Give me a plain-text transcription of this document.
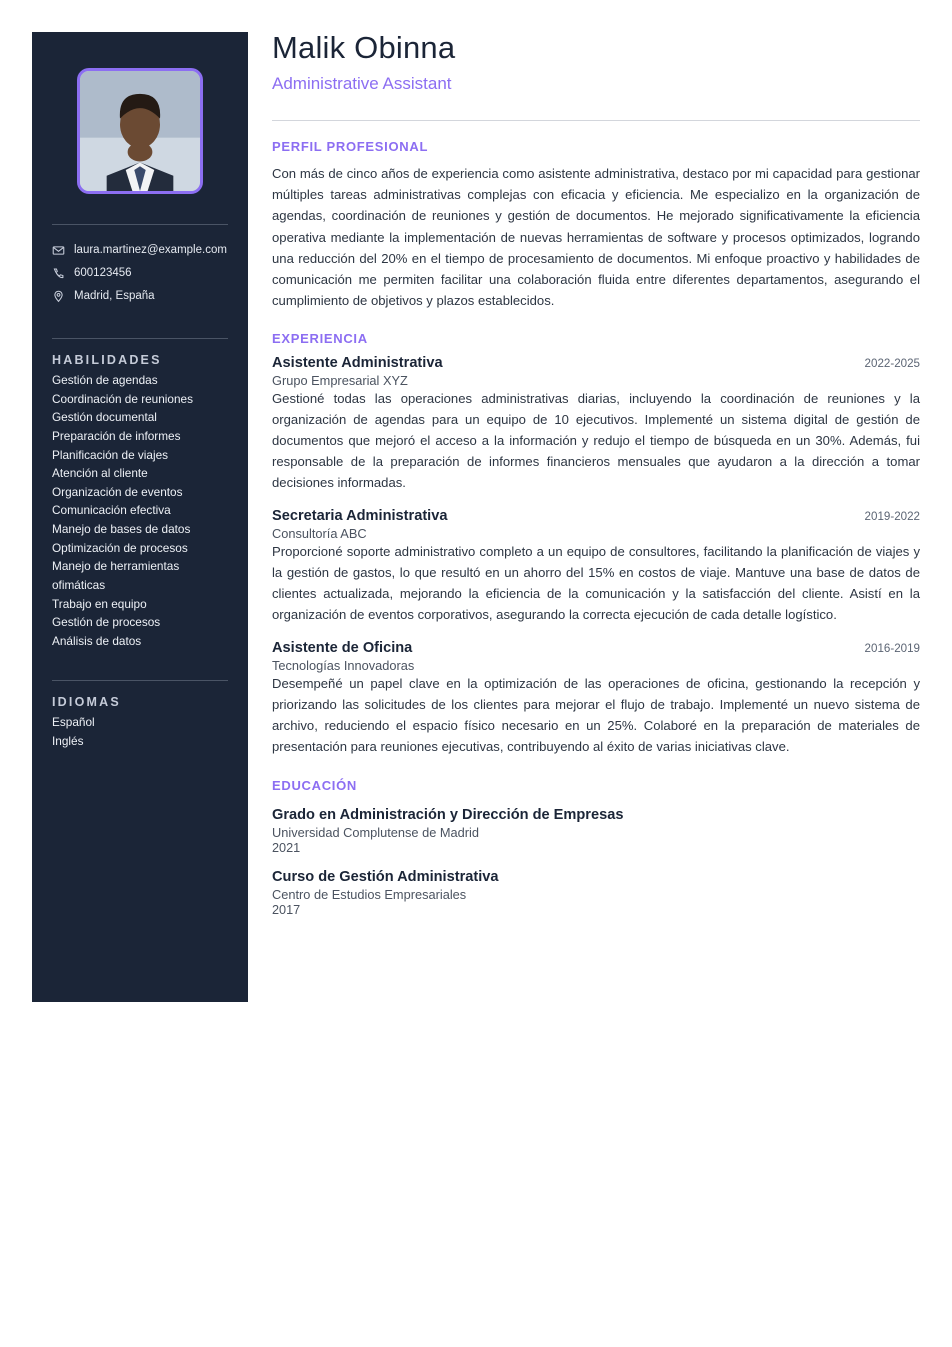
laura.martinez@example.com
600123456
Madrid, España
HABILIDADES
Gestión de agendas
Coordinación de reuniones
Gestión documental
Preparación de informes
Planificación de viajes
Atención al cliente
Organización de eventos
Comunicación efectiva
Manejo de bases de datos
Optimización de procesos
Manejo de herramientas ofimáticas
Trabajo en equipo
Gestión de procesos
Análisis de datos
IDIOMAS
Español
Inglés
Malik Obinna

Administrative Assistant

PERFIL PROFESIONAL

Con más de cinco años de experiencia como asistente administrativa, destaco por mi capacidad para gestionar múltiples tareas administrativas complejas con eficacia y eficiencia. Me especializo en la organización de agendas, coordinación de reuniones y gestión de documentos. He mejorado significativamente la eficiencia operativa mediante la implementación de nuevas herramientas de software y procesos optimizados, logrando una reducción del 20% en el tiempo de procesamiento de documentos. Mi enfoque proactivo y habilidades de comunicación me permiten facilitar una colaboración fluida entre diferentes departamentos, asegurando el cumplimiento de objetivos y plazos establecidos.

EXPERIENCIA
Asistente Administrativa	2022-2025

Grupo Empresarial XYZ

Gestioné todas las operaciones administrativas diarias, incluyendo la coordinación de reuniones y la organización de agendas para un equipo de 10 ejecutivos. Implementé un sistema digital de gestión de documentos que mejoró el acceso a la información y redujo el tiempo de búsqueda en un 30%. Además, fui responsable de la preparación de informes financieros mensuales que ayudaron a la dirección a tomar decisiones informadas.

Secretaria Administrativa	2019-2022

Consultoría ABC

Proporcioné soporte administrativo completo a un equipo de consultores, facilitando la planificación de viajes y la gestión de gastos, lo que resultó en un ahorro del 15% en costos de viaje. Mantuve una base de datos de clientes actualizada, mejorando la eficiencia de la comunicación y la satisfacción del cliente. Asistí en la organización de eventos corporativos, asegurando la correcta ejecución de cada detalle logístico.

Asistente de Oficina	2016-2019

Tecnologías Innovadoras

Desempeñé un papel clave en la optimización de las operaciones de oficina, gestionando la recepción y priorizando las solicitudes de los clientes para mejorar el flujo de trabajo. Implementé un nuevo sistema de archivo, reduciendo el espacio físico necesario en un 25%. Colaboré en la preparación de materiales de presentación para reuniones ejecutivas, contribuyendo al éxito de varias iniciativas clave.

EDUCACIÓN
Grado en Administración y Dirección de Empresas

Universidad Complutense de Madrid

2021

Curso de Gestión Administrativa

Centro de Estudios Empresariales

2017
